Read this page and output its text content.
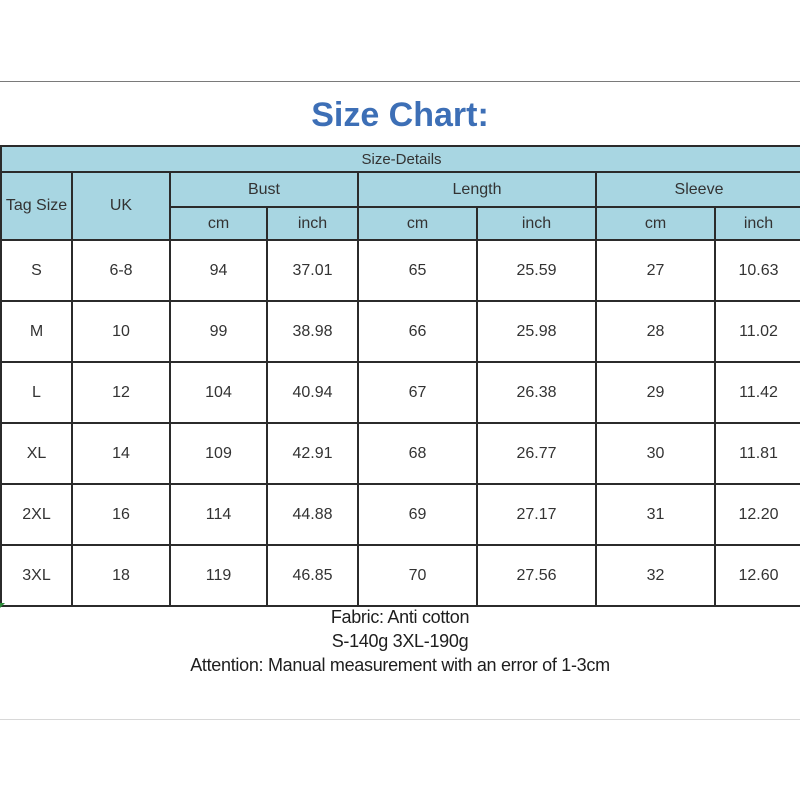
Size Chart:
Size-Details							
Tag Size	UK	Bust		Length		Sleeve	
		cm	inch	cm	inch	cm	inch
S	6-8	94	37.01	65	25.59	27	10.63
M	10	99	38.98	66	25.98	28	11.02
L	12	104	40.94	67	26.38	29	11.42
XL	14	109	42.91	68	26.77	30	11.81
2XL	16	114	44.88	69	27.17	31	12.20
3XL	18	119	46.85	70	27.56	32	12.60
Fabric: Anti cotton
S-140g 3XL-190g
Attention: Manual measurement with an error of 1-3cm
